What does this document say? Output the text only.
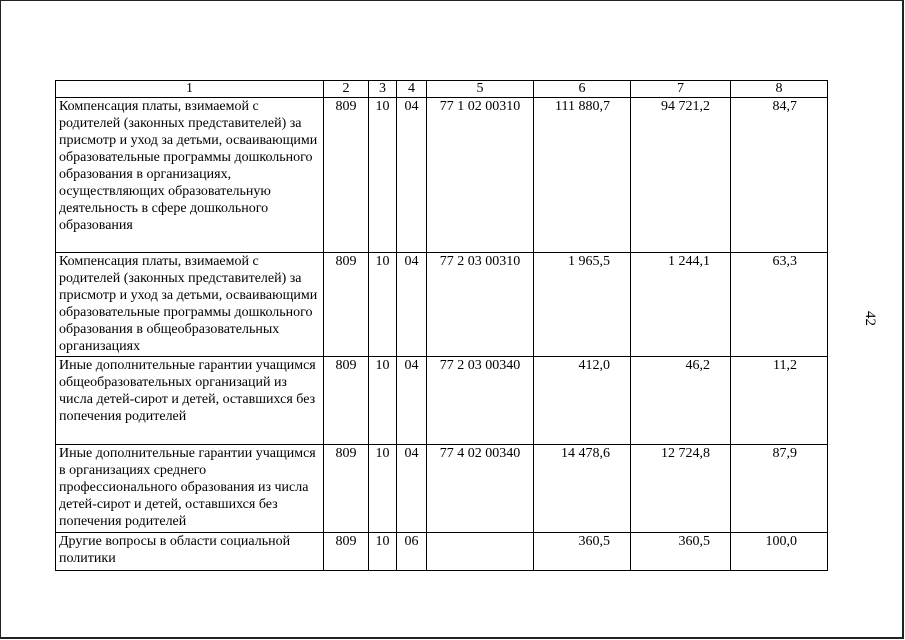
1	2	3	4	5	6	7	8
Компенсация платы, взимаемой с родителей (законных представителей) за присмотр и уход за детьми, осваивающими образовательные программы дошкольного образования в организациях, осуществляющих образовательную деятельность в сфере дошкольного образования	809	10	04	77 1 02 00310	111 880,7	94 721,2	84,7
Компенсация платы, взимаемой с родителей (законных представителей) за присмотр и уход за детьми, осваивающими образовательные программы дошкольного образования в общеобразовательных организациях	809	10	04	77 2 03 00310	1 965,5	1 244,1	63,3
Иные дополнительные гарантии учащимся общеобразовательных организаций из числа детей-сирот и детей, оставшихся без попечения родителей	809	10	04	77 2 03 00340	412,0	46,2	11,2
Иные дополнительные гарантии учащимся в организациях среднего профессионального образования из числа детей-сирот и детей, оставшихся без попечения родителей	809	10	04	77 4 02 00340	14 478,6	12 724,8	87,9
Другие вопросы в области социальной политики	809	10	06		360,5	360,5	100,0
42
